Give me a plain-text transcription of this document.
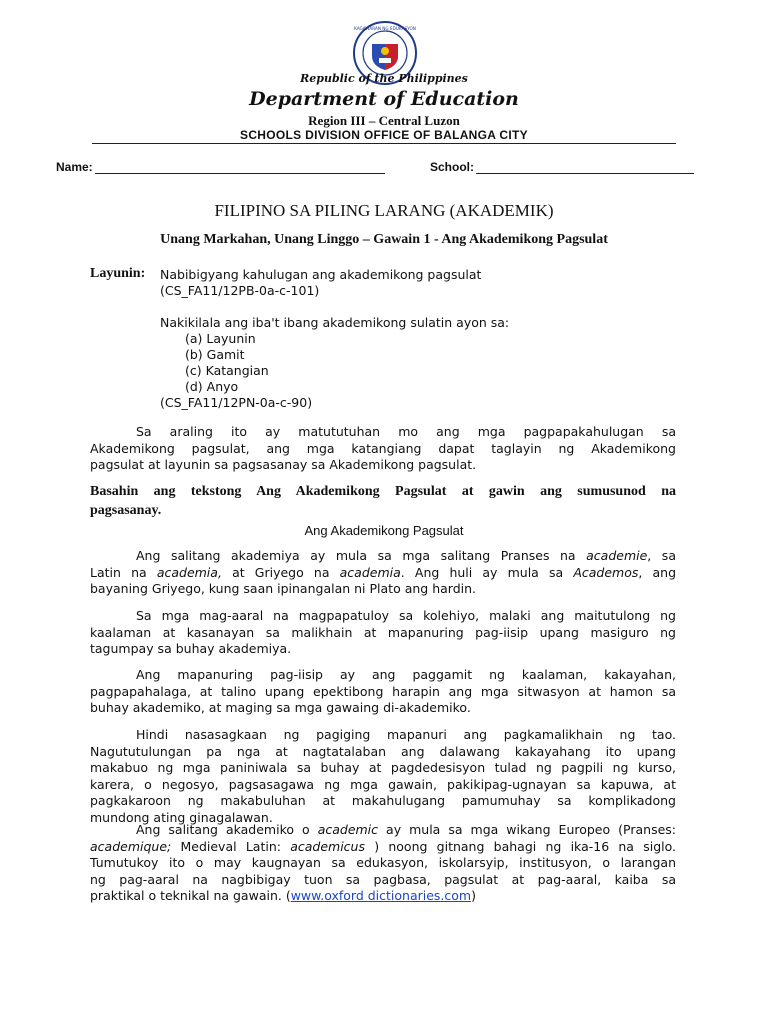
KAGAWARAN NG EDUKASYON
Republic of the Philippines
Department of Education
Region III – Central Luzon
SCHOOLS DIVISION OFFICE OF BALANGA CITY
Name:	School:
FILIPINO SA PILING LARANG (AKADEMIK)
Unang Markahan, Unang Linggo – Gawain 1 - Ang Akademikong Pagsulat
Layunin: Nabibigyang kahulugan ang akademikong pagsulat
(CS_FA11/12PB-0a-c-101)
Nakikilala ang iba't ibang akademikong sulatin ayon sa:
(a) Layunin
(b) Gamit
(c) Katangian
(d) Anyo
(CS_FA11/12PN-0a-c-90)
Sa araling ito ay matututuhan mo ang mga pagpapakahulugan sa
Akademikong pagsulat, ang mga katangiang dapat taglayin ng Akademikong
pagsulat at layunin sa pagsasanay sa Akademikong pagsulat.
Basahin ang tekstong Ang Akademikong Pagsulat at gawin ang sumusunod na
pagsasanay.
Ang Akademikong Pagsulat
Ang salitang akademiya ay mula sa mga salitang Pranses na academie, sa
Latin na academia, at Griyego na academia. Ang huli ay mula sa Academos, ang
bayaning Griyego, kung saan ipinangalan ni Plato ang hardin.
Sa mga mag-aaral na magpapatuloy sa kolehiyo, malaki ang maitutulong ng
kaalaman at kasanayan sa malikhain at mapanuring pag-iisip upang masiguro ng
tagumpay sa buhay akademiya.
Ang mapanuring pag-iisip ay ang paggamit ng kaalaman, kakayahan,
pagpapahalaga, at talino upang epektibong harapin ang mga sitwasyon at hamon sa
buhay akademiko, at maging sa mga gawaing di-akademiko.
Hindi nasasagkaan ng pagiging mapanuri ang pagkamalikhain ng tao.
Nagututulungan pa nga at nagtatalaban ang dalawang kakayahang ito upang
makabuo ng mga paniniwala sa buhay at pagdedesisyon tulad ng pagpili ng kurso,
karera, o negosyo, pagsasagawa ng mga gawain, pakikipag-ugnayan sa kapuwa, at
pagkakaroon ng makabuluhan at makahulugang pamumuhay sa komplikadong
mundong ating ginagalawan.
Ang salitang akademiko o academic ay mula sa mga wikang Europeo (Pranses:
academique; Medieval Latin: academicus ) noong gitnang bahagi ng ika-16 na siglo.
Tumutukoy ito o may kaugnayan sa edukasyon, iskolarsyip, institusyon, o larangan
ng pag-aaral na nagbibigay tuon sa pagbasa, pagsulat at pag-aaral, kaiba sa
praktikal o teknikal na gawain. (www.oxford dictionaries.com)
